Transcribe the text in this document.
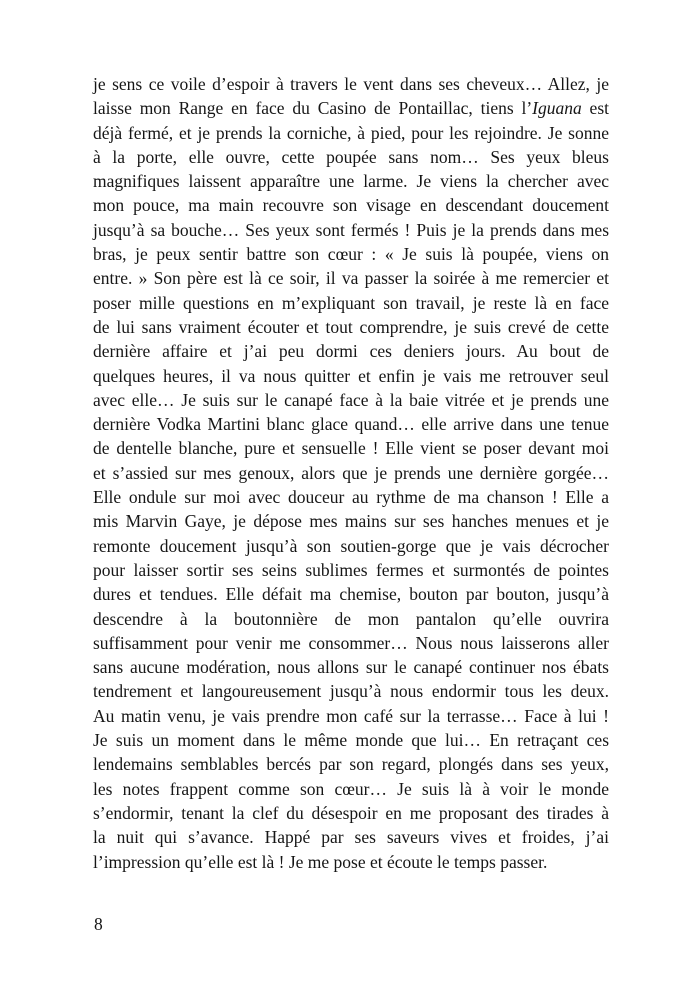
je sens ce voile d’espoir à travers le vent dans ses cheveux… Allez, je
laisse mon Range en face du Casino de Pontaillac, tiens l’Iguana est
déjà fermé, et je prends la corniche, à pied, pour les rejoindre. Je sonne
à la porte, elle ouvre, cette poupée sans nom… Ses yeux bleus
magnifiques laissent apparaître une larme. Je viens la chercher avec
mon pouce, ma main recouvre son visage en descendant doucement
jusqu’à sa bouche… Ses yeux sont fermés ! Puis je la prends dans mes
bras, je peux sentir battre son cœur : « Je suis là poupée, viens on
entre. » Son père est là ce soir, il va passer la soirée à me remercier et
poser mille questions en m’expliquant son travail, je reste là en face
de lui sans vraiment écouter et tout comprendre, je suis crevé de cette
dernière affaire et j’ai peu dormi ces deniers jours. Au bout de
quelques heures, il va nous quitter et enfin je vais me retrouver seul
avec elle… Je suis sur le canapé face à la baie vitrée et je prends une
dernière Vodka Martini blanc glace quand… elle arrive dans une tenue
de dentelle blanche, pure et sensuelle ! Elle vient se poser devant moi
et s’assied sur mes genoux, alors que je prends une dernière gorgée…
Elle ondule sur moi avec douceur au rythme de ma chanson ! Elle a
mis Marvin Gaye, je dépose mes mains sur ses hanches menues et je
remonte doucement jusqu’à son soutien-gorge que je vais décrocher
pour laisser sortir ses seins sublimes fermes et surmontés de pointes
dures et tendues. Elle défait ma chemise, bouton par bouton, jusqu’à
descendre à la boutonnière de mon pantalon qu’elle ouvrira
suffisamment pour venir me consommer… Nous nous laisserons aller
sans aucune modération, nous allons sur le canapé continuer nos ébats
tendrement et langoureusement jusqu’à nous endormir tous les deux.
Au matin venu, je vais prendre mon café sur la terrasse… Face à lui !
Je suis un moment dans le même monde que lui… En retraçant ces
lendemains semblables bercés par son regard, plongés dans ses yeux,
les notes frappent comme son cœur… Je suis là à voir le monde
s’endormir, tenant la clef du désespoir en me proposant des tirades à
la nuit qui s’avance. Happé par ses saveurs vives et froides, j’ai
l’impression qu’elle est là ! Je me pose et écoute le temps passer.
8
